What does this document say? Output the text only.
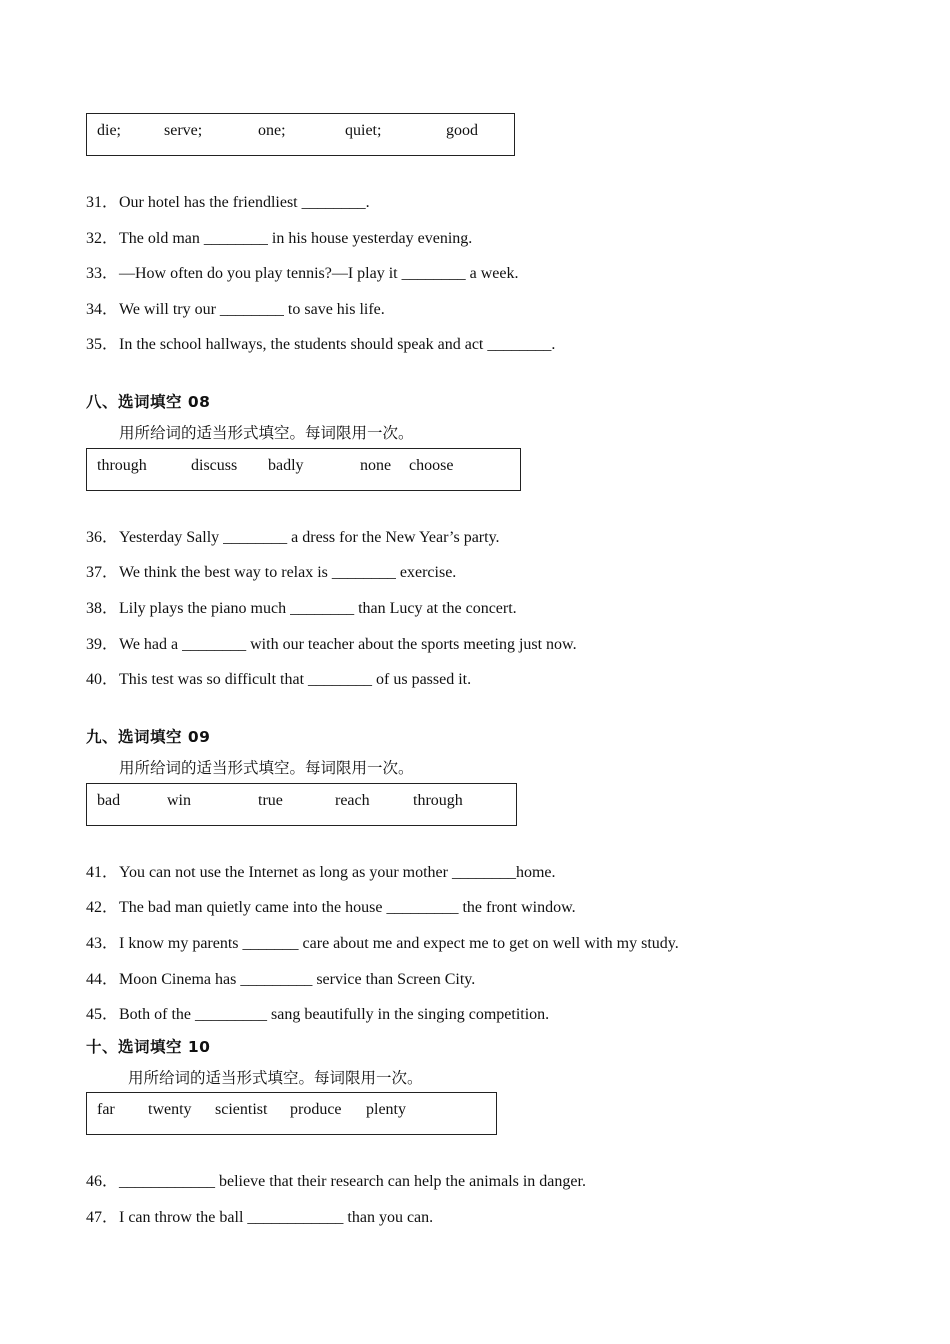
die;	serve;	one;	quiet;	good
31．Our hotel has the friendliest ________.
32．The old man ________ in his house yesterday evening.
33．—How often do you play tennis?—I play it ________ a week.
34．We will try our ________ to save his life.
35．In the school hallways, the students should speak and act ________.
八、选词填空 08
用所给词的适当形式填空。每词限用一次。
through	discuss badly	none choose
36．Yesterday Sally ________ a dress for the New Year’s party.
37．We think the best way to relax is ________ exercise.
38．Lily plays the piano much ________ than Lucy at the concert.
39．We had a ________ with our teacher about the sports meeting just now.
40．This test was so difficult that ________ of us passed it.
九、选词填空 09
用所给词的适当形式填空。每词限用一次。
bad	win	true	reach	through
41．You can not use the Internet as long as your mother ________home.
42．The bad man quietly came into the house _________ the front window.
43．I know my parents _______ care about me and expect me to get on well with my study.
44．Moon Cinema has _________ service than Screen City.
45．Both of the _________ sang beautifully in the singing competition.
十、选词填空 10
用所给词的适当形式填空。每词限用一次。
far twenty scientist produce plenty
46．____________ believe that their research can help the animals in danger.
47．I can throw the ball ____________ than you can.
